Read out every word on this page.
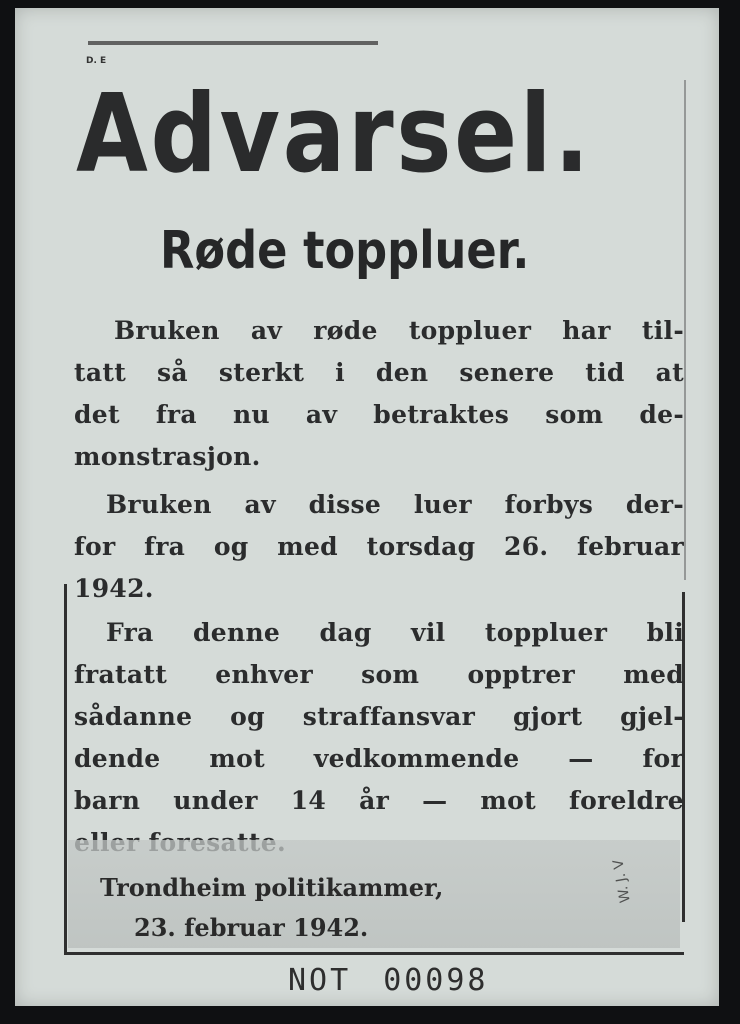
D. E
Advarsel.
Røde toppluer.
Bruken av røde toppluer har til-
tatt så sterkt i den senere tid at
det fra nu av betraktes som de-
monstrasjon.
Bruken av disse luer forbys der-
for fra og med torsdag 26. februar
1942.
Fra denne dag vil toppluer bli
fratatt enhver som opptrer med
sådanne og straffansvar gjort gjel-
dende mot vedkommende — for
barn under 14 år — mot foreldre
Trondheim politikammer,
23. februar 1942.
W. J. V
NOT 00098
